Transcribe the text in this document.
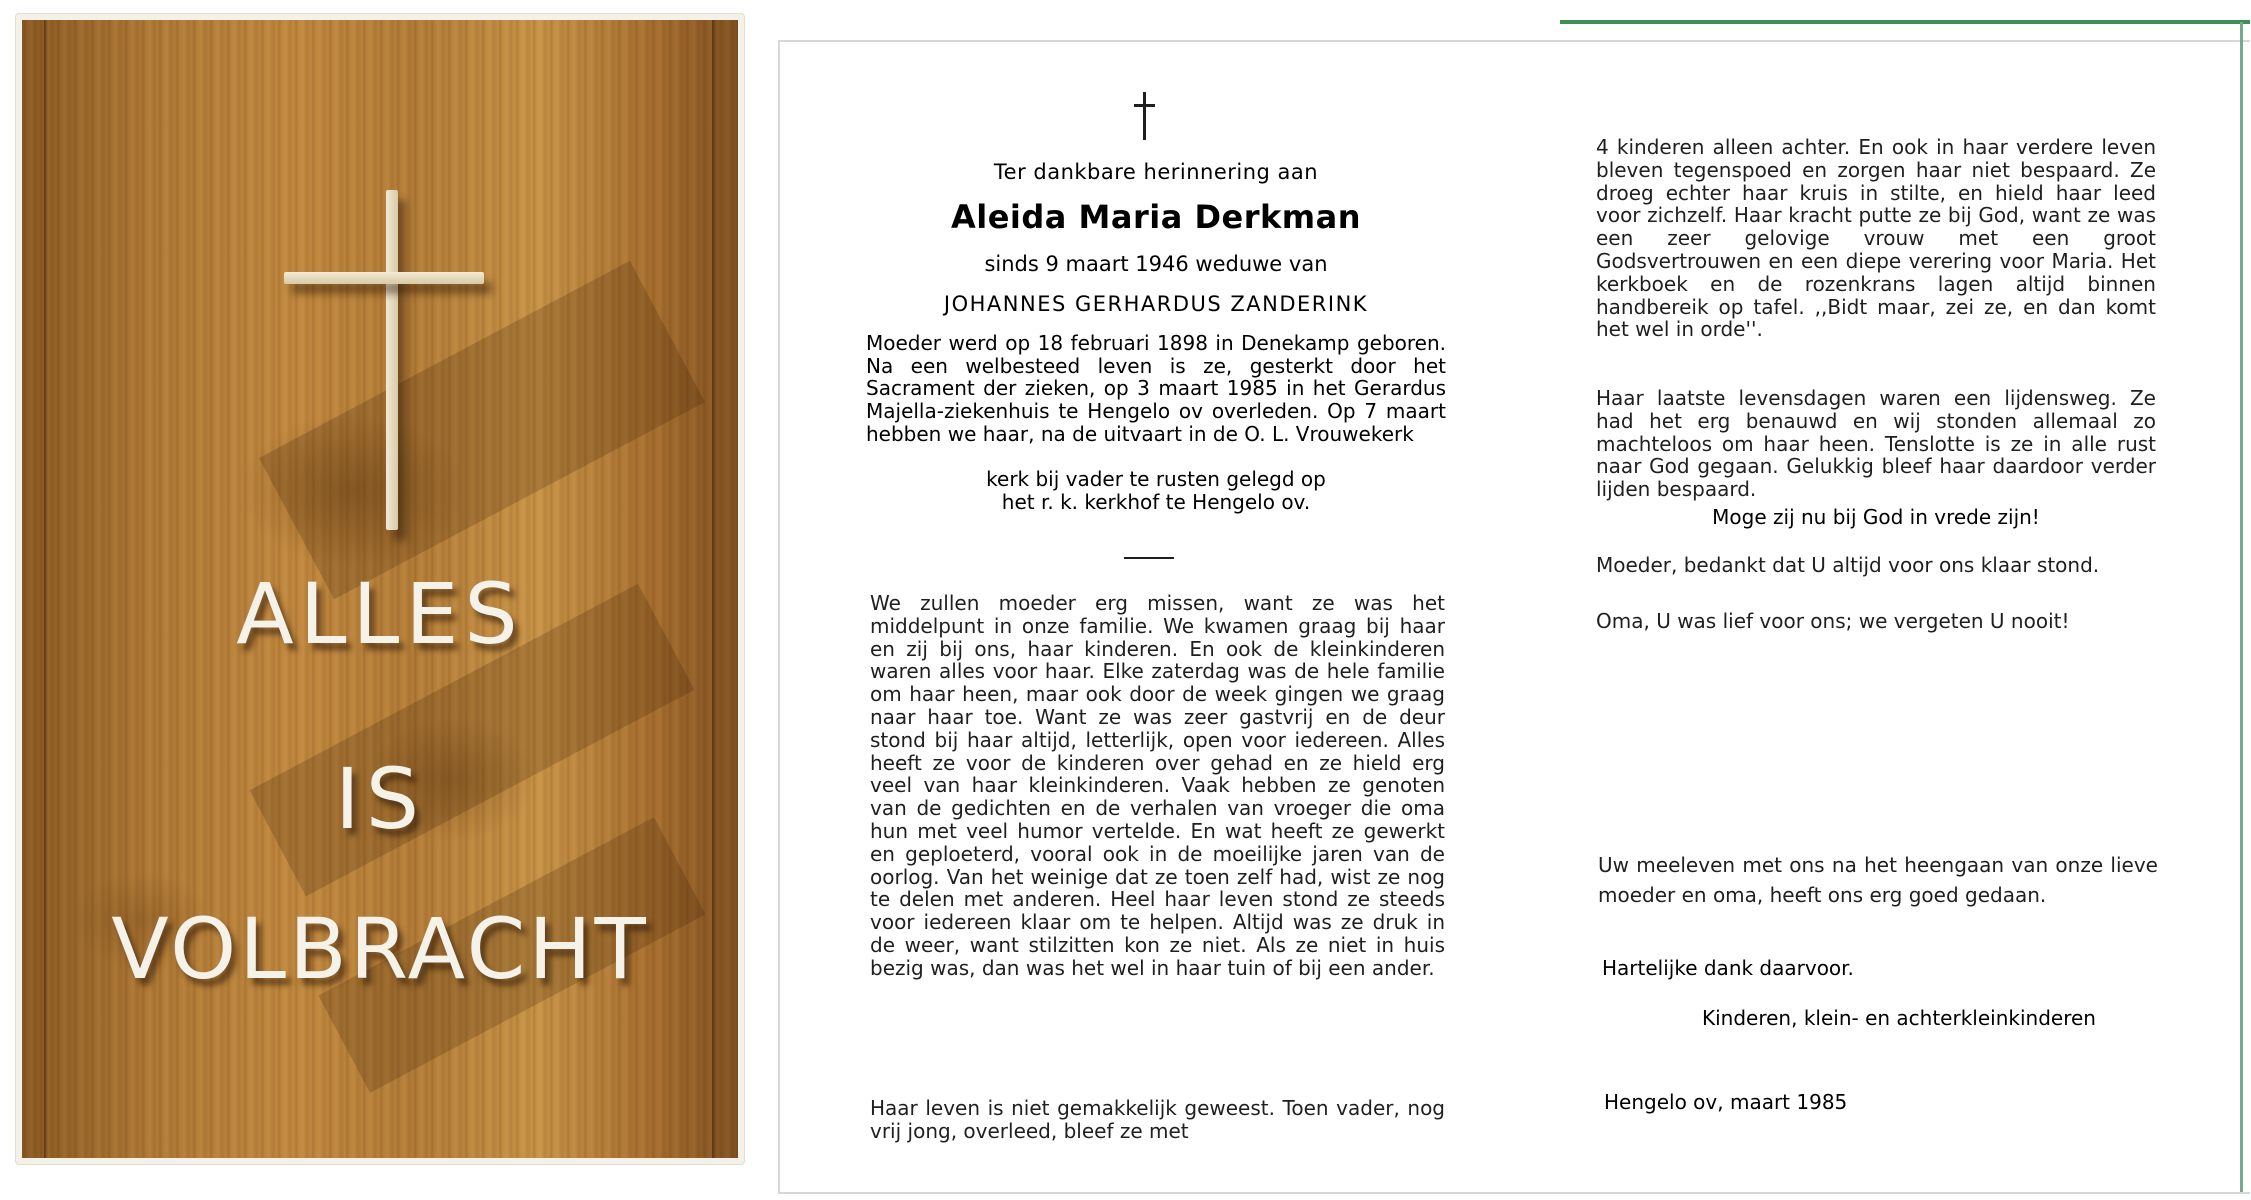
ALLES
IS
VOLBRACHT
Ter dankbare herinnering aan
Aleida Maria Derkman
sinds 9 maart 1946 weduwe van
JOHANNES GERHARDUS ZANDERINK
Moeder werd op 18 februari 1898 in Denekamp geboren. Na een welbesteed leven is ze, gesterkt door het Sacrament der zieken, op 3 maart 1985 in het Gerardus Majella-ziekenhuis te Hengelo ov overleden. Op 7 maart hebben we haar, na de uitvaart in de O. L. Vrouwekerk
kerk bij vader te rusten gelegd op
het r. k. kerkhof te Hengelo ov.
We zullen moeder erg missen, want ze was het middelpunt in onze familie. We kwamen graag bij haar en zij bij ons, haar kinderen. En ook de kleinkinderen waren alles voor haar. Elke zaterdag was de hele familie om haar heen, maar ook door de week gingen we graag naar haar toe. Want ze was zeer gastvrij en de deur stond bij haar altijd, letterlijk, open voor iedereen. Alles heeft ze voor de kinderen over gehad en ze hield erg veel van haar kleinkinderen. Vaak hebben ze genoten van de gedichten en de verhalen van vroeger die oma hun met veel humor vertelde. En wat heeft ze gewerkt en geploeterd, vooral ook in de moeilijke jaren van de oorlog. Van het weinige dat ze toen zelf had, wist ze nog te delen met anderen. Heel haar leven stond ze steeds voor iedereen klaar om te helpen. Altijd was ze druk in de weer, want stilzitten kon ze niet. Als ze niet in huis bezig was, dan was het wel in haar tuin of bij een ander.
Haar leven is niet gemakkelijk geweest. Toen vader, nog vrij jong, overleed, bleef ze met
4 kinderen alleen achter. En ook in haar verdere leven bleven tegenspoed en zorgen haar niet bespaard. Ze droeg echter haar kruis in stilte, en hield haar leed voor zichzelf. Haar kracht putte ze bij God, want ze was een zeer gelovige vrouw met een groot Godsvertrouwen en een diepe verering voor Maria. Het kerkboek en de rozenkrans lagen altijd binnen handbereik op tafel. ,,Bidt maar, zei ze, en dan komt het wel in orde''.
Haar laatste levensdagen waren een lijdensweg. Ze had het erg benauwd en wij stonden allemaal zo machteloos om haar heen. Tenslotte is ze in alle rust naar God gegaan. Gelukkig bleef haar daardoor verder lijden bespaard.
Moge zij nu bij God in vrede zijn!
Moeder, bedankt dat U altijd voor ons klaar stond.
Oma, U was lief voor ons; we vergeten U nooit!
Uw meeleven met ons na het heengaan van onze lieve moeder en oma, heeft ons erg goed gedaan.
Hartelijke dank daarvoor.
Kinderen, klein- en achterkleinkinderen
Hengelo ov, maart 1985
